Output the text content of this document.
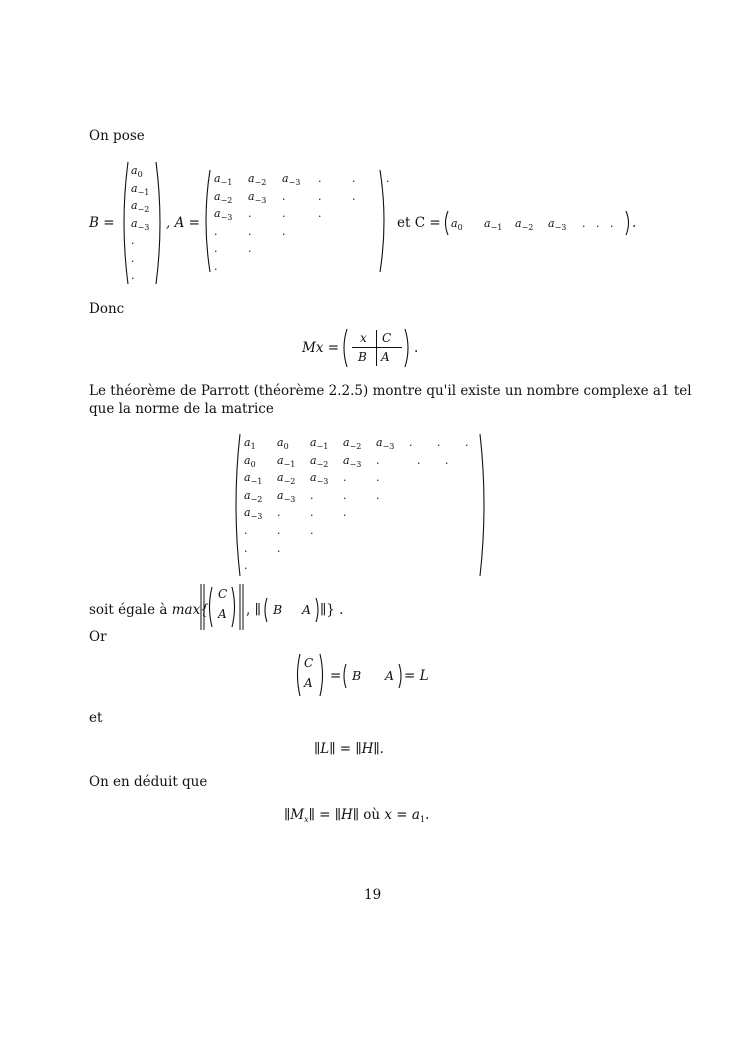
On pose
B =
$a_0$
$a_{-1}$
$a_{-2}$
$a_{-3}$
.
.
.
, A =
$a_{-1}$ $a_{-2}$ $a_{-3}$ .	.	.
$a_{-2}$ $a_{-3}$ .	.	.
$a_{-3}$ .	.	.
.	.	.
.	.
.
et $C = a_0$ $a_{-1}$ $a_{-2}$ $a_{-3}$ . . . .
Donc
Mx =
x C
B A
.
Le théorème de Parrott (théorème 2.2.5) montre qu'il existe un nombre complexe a1 tel
que la norme de la matrice
$a_1$ $a_0$ $a_{-1}$ $a_{-2}$ $a_{-3}$ . . .
$a_0$ $a_{-1}$ $a_{-2}$ $a_{-3}$ .	. .
$a_{-1}$ $a_{-2}$ $a_{-3}$ .	.
$a_{-2}$ $a_{-3}$ .	.	.
$a_{-3}$ .	.	.
.	.	.
.	.
.
soit égale à max{
C
A , ∥ B A ∥} .
Or
C
A = B A = L
et
∥L∥ = ∥H∥.
On en déduit que
$\parallel M_x\parallel$ = ∥H∥ où $x = a_1$.
19
